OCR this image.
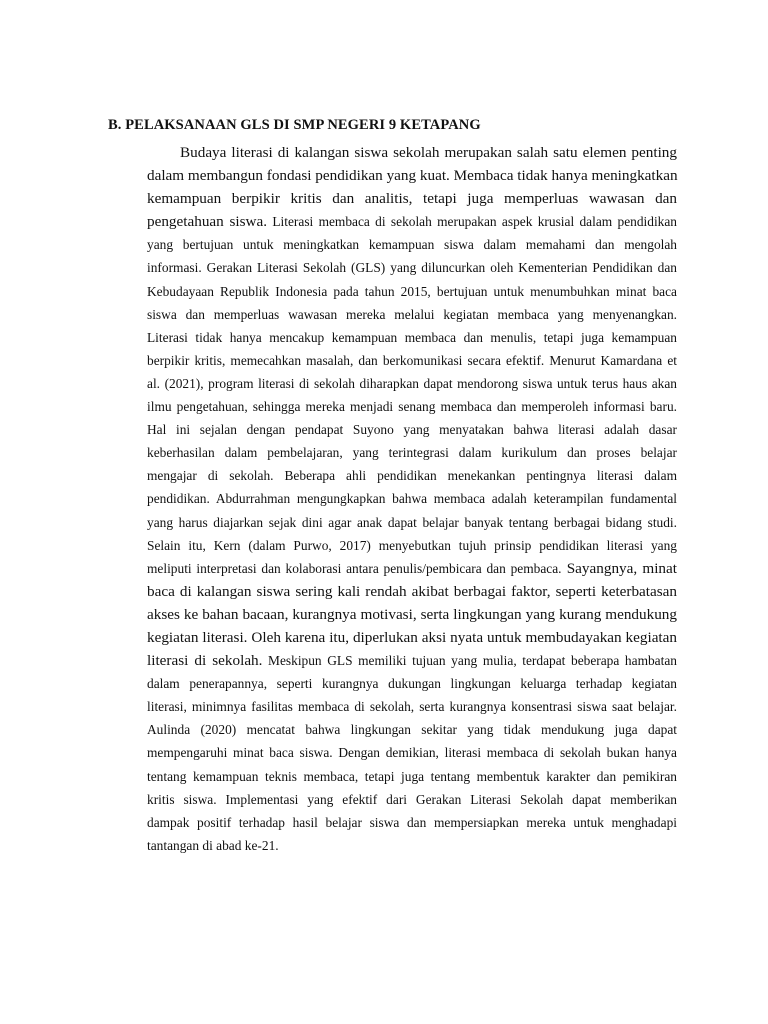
B. PELAKSANAAN GLS DI SMP NEGERI 9 KETAPANG
Budaya literasi di kalangan siswa sekolah merupakan salah satu elemen penting
dalam membangun fondasi pendidikan yang kuat. Membaca tidak hanya meningkatkan
kemampuan berpikir kritis dan analitis, tetapi juga memperluas wawasan dan
pengetahuan siswa. Literasi membaca di sekolah merupakan aspek krusial dalam pendidikan
yang bertujuan untuk meningkatkan kemampuan siswa dalam memahami dan mengolah
informasi. Gerakan Literasi Sekolah (GLS) yang diluncurkan oleh Kementerian Pendidikan dan
Kebudayaan Republik Indonesia pada tahun 2015, bertujuan untuk menumbuhkan minat baca
siswa dan memperluas wawasan mereka melalui kegiatan membaca yang menyenangkan.
Literasi tidak hanya mencakup kemampuan membaca dan menulis, tetapi juga kemampuan
berpikir kritis, memecahkan masalah, dan berkomunikasi secara efektif. Menurut Kamardana et
al. (2021), program literasi di sekolah diharapkan dapat mendorong siswa untuk terus haus akan
ilmu pengetahuan, sehingga mereka menjadi senang membaca dan memperoleh informasi baru.
Hal ini sejalan dengan pendapat Suyono yang menyatakan bahwa literasi adalah dasar
keberhasilan dalam pembelajaran, yang terintegrasi dalam kurikulum dan proses belajar
mengajar di sekolah. Beberapa ahli pendidikan menekankan pentingnya literasi dalam
pendidikan. Abdurrahman mengungkapkan bahwa membaca adalah keterampilan fundamental
yang harus diajarkan sejak dini agar anak dapat belajar banyak tentang berbagai bidang studi.
Selain itu, Kern (dalam Purwo, 2017) menyebutkan tujuh prinsip pendidikan literasi yang
meliputi interpretasi dan kolaborasi antara penulis/pembicara dan pembaca. Sayangnya, minat
baca di kalangan siswa sering kali rendah akibat berbagai faktor, seperti keterbatasan
akses ke bahan bacaan, kurangnya motivasi, serta lingkungan yang kurang mendukung
kegiatan literasi. Oleh karena itu, diperlukan aksi nyata untuk membudayakan kegiatan
literasi di sekolah. Meskipun GLS memiliki tujuan yang mulia, terdapat beberapa hambatan
dalam penerapannya, seperti kurangnya dukungan lingkungan keluarga terhadap kegiatan
literasi, minimnya fasilitas membaca di sekolah, serta kurangnya konsentrasi siswa saat belajar.
Aulinda (2020) mencatat bahwa lingkungan sekitar yang tidak mendukung juga dapat
mempengaruhi minat baca siswa. Dengan demikian, literasi membaca di sekolah bukan hanya
tentang kemampuan teknis membaca, tetapi juga tentang membentuk karakter dan pemikiran
kritis siswa. Implementasi yang efektif dari Gerakan Literasi Sekolah dapat memberikan
dampak positif terhadap hasil belajar siswa dan mempersiapkan mereka untuk menghadapi
tantangan di abad ke-21.
